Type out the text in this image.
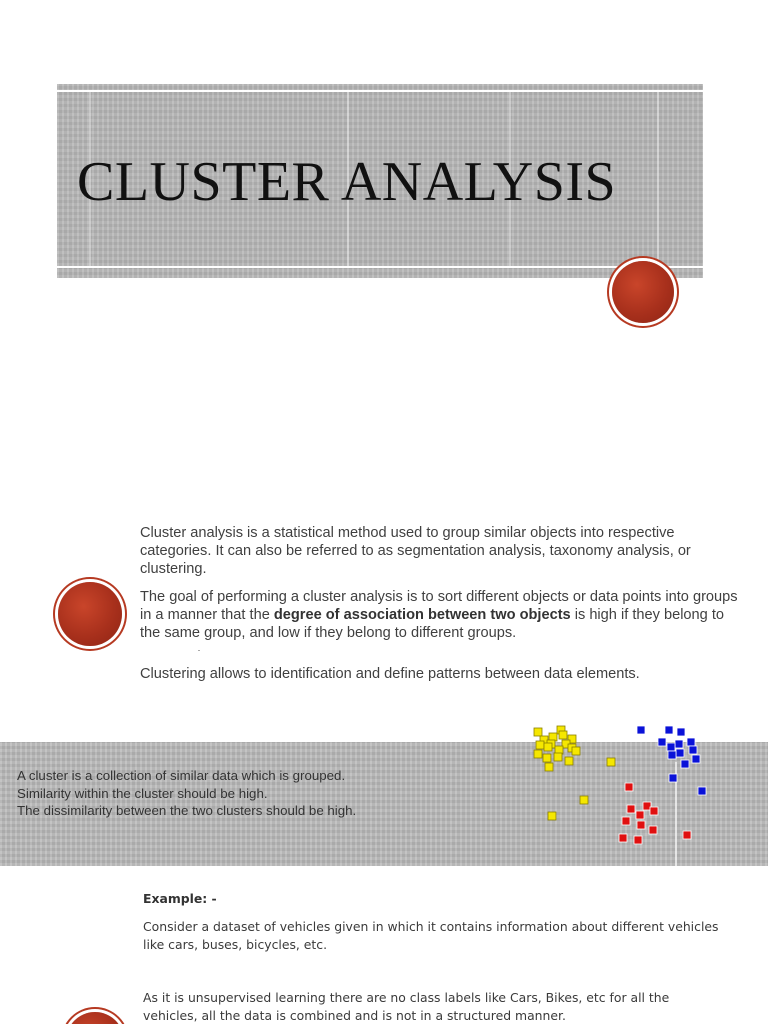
CLUSTER ANALYSIS
Cluster analysis is a statistical method used to group similar objects into respective categories. It can also be referred to as segmentation analysis, taxonomy analysis, or clustering.
The goal of performing a cluster analysis is to sort different objects or data points into groups in a manner that the degree of association between two objects is high if they belong to the same group, and low if they belong to different groups.
Clustering allows to identification and define patterns between data elements.
A cluster is a collection of similar data which is grouped.
Similarity within the cluster should be high.
The dissimilarity between the two clusters should be high.
Example: -
Consider a dataset of vehicles given in which it contains information about different vehicles like cars, buses, bicycles, etc.
As it is unsupervised learning there are no class labels like Cars, Bikes, etc for all the vehicles, all the data is combined and is not in a structured manner.
